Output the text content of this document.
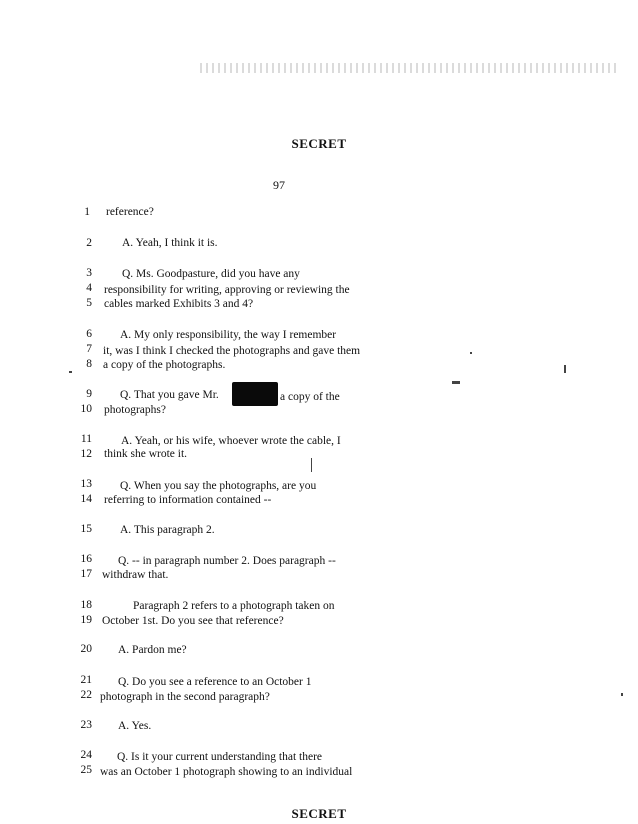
SECRET
97
1 reference?
2	A. Yeah, I think it is.
3	Q. Ms. Goodpasture, did you have any
4 responsibility for writing, approving or reviewing the
5 cables marked Exhibits 3 and 4?
6 A. My only responsibility, the way I remember
7 it, was I think I checked the photographs and gave them
8 a copy of the photographs.
9 Q. That you gave Mr.	a copy of the
10 photographs?
11	A. Yeah, or his wife, whoever wrote the cable, I
12 think she wrote it.
13 Q. When you say the photographs, are you
14 referring to information contained --
15 A. This paragraph 2.
16 Q. -- in paragraph number 2. Does paragraph --
17 withdraw that.
18	Paragraph 2 refers to a photograph taken on
19 October 1st. Do you see that reference?
20 A. Pardon me?
21 Q. Do you see a reference to an October 1
22 photograph in the second paragraph?
23 A. Yes.
24 Q. Is it your current understanding that there
25 was an October 1 photograph showing to an individual
SECRET
